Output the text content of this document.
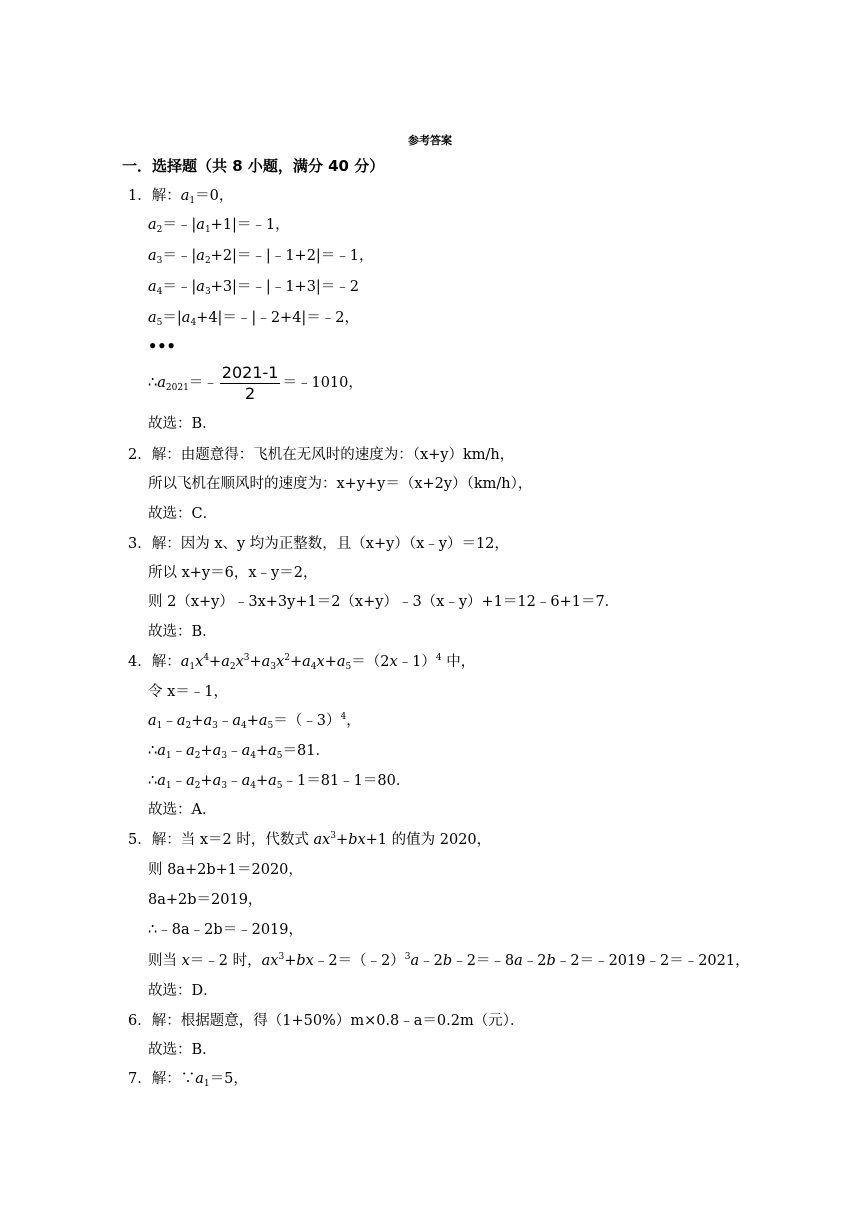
参考答案
一．选择题（共 8 小题，满分 40 分）
1．解：$a_1=0$，
$a_2=﹣|a_1+1|=﹣1$，
$a_3=﹣|a_2+2|=﹣|﹣1+2|=﹣1$，
$a_4=﹣|a_3+3|=﹣|﹣1+3|=﹣2$
$a_5=|a_4+4|=﹣|﹣2+4|=﹣2$，
•••
$\therefore a_{2021}=﹣ \frac{2021-1}{2}$ ＝﹣1010，
故选：B．
2．解：由题意得：飞机在无风时的速度为：（x+y）km/h，
所以飞机在顺风时的速度为：x+y+y＝（x+2y）（km/h），
故选：C．
3．解：因为 x、y 均为正整数，且（x+y）（x﹣y）＝12，
所以 x+y＝6，x﹣y＝2，
则 2（x+y）﹣3x+3y+1＝2（x+y）﹣3（x﹣y）+1＝12﹣6+1＝7．
故选：B．
4．解：$a_1x^4+a_2x^3+a_3x^2+a_4x+a_5=(2x﹣1)^4$ 中，
令 x＝﹣1，
$a_1﹣a_2+a_3﹣a_4+a_5=(﹣3)^4$，
$\therefore a_1﹣a_2+a_3﹣a_4+a_5=81$．
$\therefore a_1﹣a_2+a_3﹣a_4+a_5﹣1=81﹣1=80$．
故选：A．
5．解：当 x＝2 时，代数式 $ax^3+bx+1$ 的值为 2020，
则 8a+2b+1＝2020，
8a+2b＝2019，
∴﹣8a﹣2b＝﹣2019，
则当 x＝﹣2 时，$ax^3+bx﹣2=(﹣2)^3a﹣2b﹣2=﹣8a﹣2b﹣2=﹣2019﹣2=﹣2021$，
故选：D．
6．解：根据题意，得（1+50%）m×0.8﹣a＝0.2m（元）．
故选：B．
7．解：$\because a_1=5$，
